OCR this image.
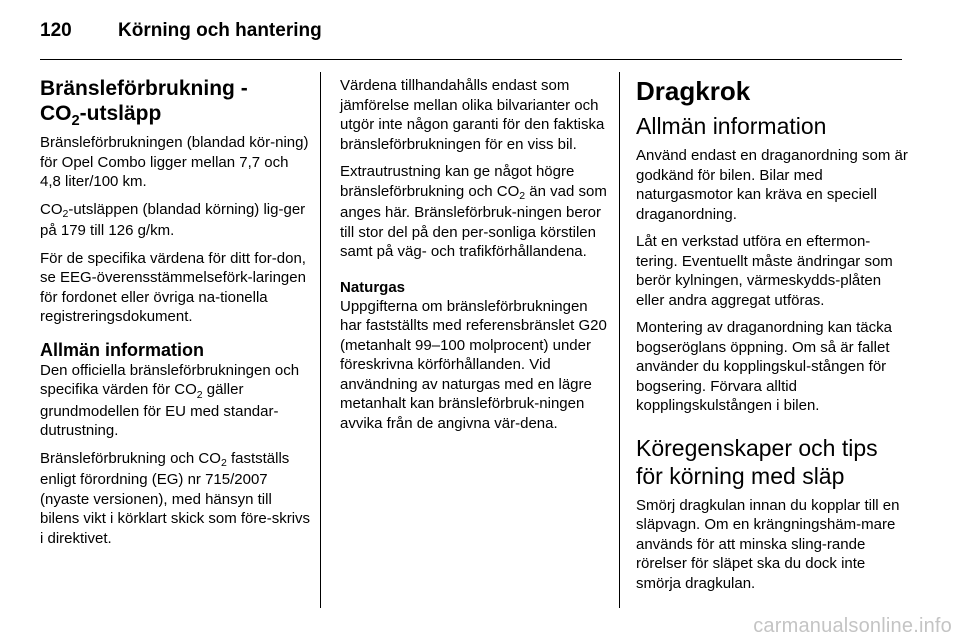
120 Körning och hantering
Bränsleförbrukning -
$CO_2$-utsläpp

Bränsleförbrukningen (blandad kör-ning) för Opel Combo ligger mellan 7,7 och 4,8 liter/100 km.

$CO_2$-utsläppen (blandad körning) lig-ger på 179 till 126 g/km.

För de specifika värdena för ditt for-don, se EEG-överensstämmelseförk-laringen för fordonet eller övriga na-tionella registreringsdokument.

Allmän information

Den officiella bränsleförbrukningen och specifika värden för $CO_2$ gäller grundmodellen för EU med standar-dutrustning.

Bränsleförbrukning och $CO_2$ fastställs enligt förordning (EG) nr 715/2007 (nyaste versionen), med hänsyn till bilens vikt i körklart skick som före-skrivs i direktivet.

Värdena tillhandahålls endast som jämförelse mellan olika bilvarianter och utgör inte någon garanti för den faktiska bränsleförbrukningen för en viss bil.

Extrautrustning kan ge något högre bränsleförbrukning och $CO_2$ än vad som anges här. Bränsleförbruk-ningen beror till stor del på den per-sonliga körstilen samt på väg- och trafikförhållandena.

Naturgas

Uppgifterna om bränsleförbrukningen har fastställts med referensbränslet G20 (metanhalt 99–100 molprocent) under föreskrivna körförhållanden. Vid användning av naturgas med en lägre metanhalt kan bränsleförbruk-ningen avvika från de angivna vär-dena.

Dragkrok
Allmän information

Använd endast en draganordning som är godkänd för bilen. Bilar med naturgasmotor kan kräva en speciell draganordning.

Låt en verkstad utföra en eftermon-tering. Eventuellt måste ändringar som berör kylningen, värmeskydds-plåten eller andra aggregat utföras.

Montering av draganordning kan täcka bogseröglans öppning. Om så är fallet använder du kopplingskul-stången för bogsering. Förvara alltid kopplingskulstången i bilen.

Köregenskaper och tips för körning med släp

Smörj dragkulan innan du kopplar till en släpvagn. Om en krängningshäm-mare används för att minska sling-rande rörelser för släpet ska du dock inte smörja dragkulan.

carmanualsonline.info
